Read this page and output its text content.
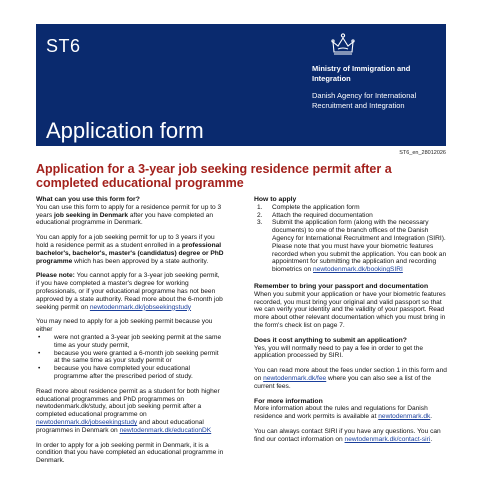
ST6
Application form
Ministry of Immigration and Integration
Danish Agency for International Recruitment and Integration
ST6_en_28012026
Application for a 3-year job seeking residence permit after a completed educational programme
What can you use this form for?

You can use this form to apply for a residence permit for up to 3 years job seeking in Denmark after you have completed an educational programme in Denmark.

You can apply for a job seeking permit for up to 3 years if you hold a residence permit as a student enrolled in a professional bachelor's, bachelor's, master's (candidatus) degree or PhD programme which has been approved by a state authority.

Please note: You cannot apply for a 3-year job seeking permit, if you have completed a master's degree for working professionals, or if your educational programme has not been approved by a state authority. Read more about the 6-month job seeking permit on newtodenmark.dk/jobseekingstudy

You may need to apply for a job seeking permit because you either
• were not granted a 3-year job seeking permit at the same time as your study permit,
• because you were granted a 6-month job seeking permit at the same time as your study permit or
• because you have completed your educational programme after the prescribed period of study.

Read more about residence permit as a student for both higher educational programmes and PhD programmes on newtodenmark.dk/study, about job seeking permit after a completed educational programme on newtodenmark.dk/jobseekingstudy and about educational programmes in Denmark on newtodenmark.dk/educationDK

In order to apply for a job seeking permit in Denmark, it is a condition that you have completed an educational programme in Denmark.

How to apply
1. Complete the application form
2. Attach the required documentation
3. Submit the application form (along with the necessary documents) to one of the branch offices of the Danish Agency for International Recruitment and Integration (SIRI). Please note that you must have your biometric features recorded when you submit the application. You can book an appointment for submitting the application and recording biometrics on newtodenmark.dk/bookingSIRI
Remember to bring your passport and documentation

When you submit your application or have your biometric features recorded, you must bring your original and valid passport so that we can verify your identity and the validity of your passport. Read more about other relevant documentation which you must bring in the form's check list on page 7.

Does it cost anything to submit an application?

Yes, you will normally need to pay a fee in order to get the application processed by SIRI.

You can read more about the fees under section 1 in this form and on newtodenmark.dk/fee where you can also see a list of the current fees.

For more information

More information about the rules and regulations for Danish residence and work permits is available at newtodenmark.dk.

You can always contact SIRI if you have any questions. You can find our contact information on newtodenmark.dk/contact-siri.
